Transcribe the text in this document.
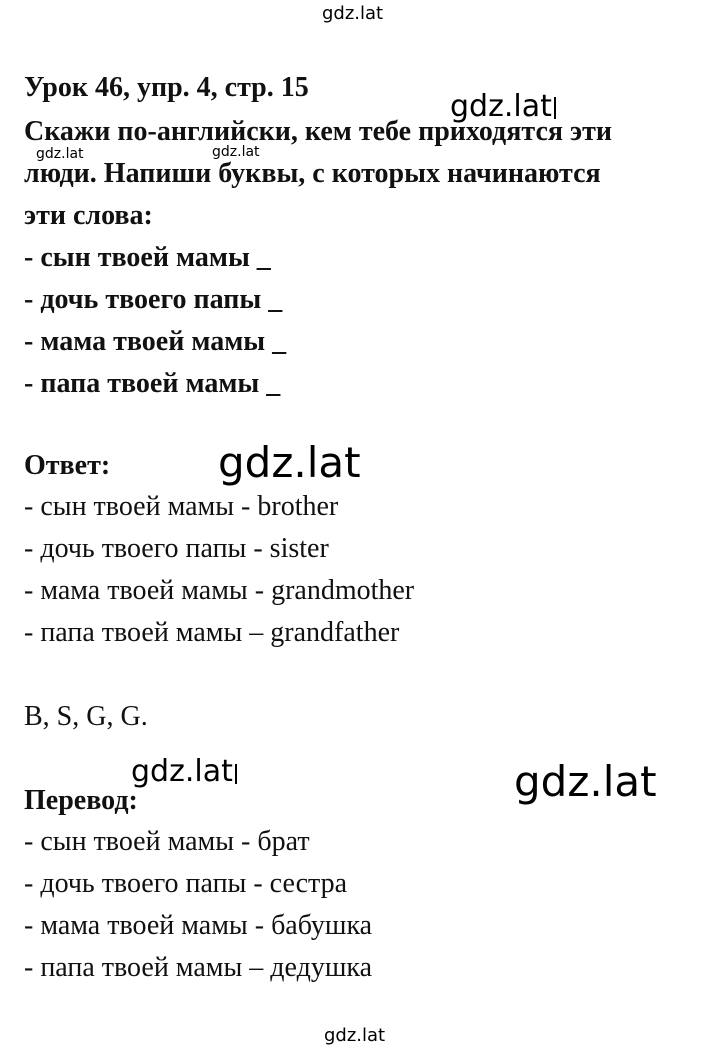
gdz.lat
gdz.lat
gdz.lat	gdz.lat
gdz.lat
gdz.lat	gdz.lat
gdz.lat
Урок 46, упр. 4, стр. 15
Скажи по-английски, кем тебе приходятся эти
люди. Напиши буквы, с которых начинаются
эти слова:
- сын твоей мамы _
- дочь твоего папы _
- мама твоей мамы _
- папа твоей мамы _
Ответ:
- сын твоей мамы - brother
- дочь твоего папы - sister
- мама твоей мамы - grandmother
- папа твоей мамы – grandfather
B, S, G, G.
Перевод:
- сын твоей мамы - брат
- дочь твоего папы - сестра
- мама твоей мамы - бабушка
- папа твоей мамы – дедушка
